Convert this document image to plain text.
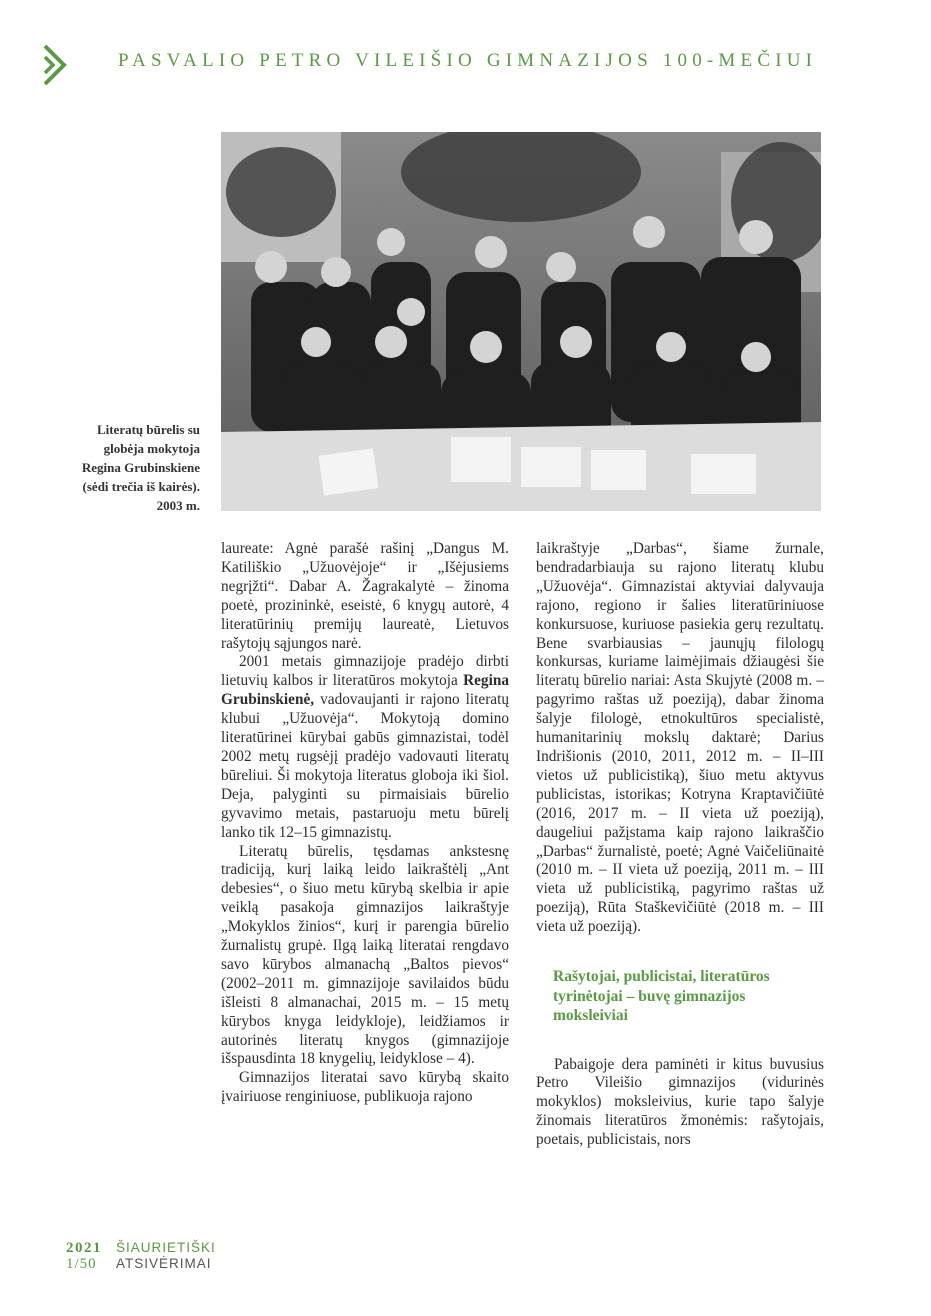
PASVALIO PETRO VILEIŠIO GIMNAZIJOS 100-MEČIUI
Literatų būrelis su
globėja mokytoja
Regina Grubinskiene
(sėdi trečia iš kairės).
2003 m.

laureate: Agnė parašė rašinį „Dangus M. Katiliškio „Užuovėjoje“ ir „Išėjusiems negrįžti“. Dabar A. Žagrakalytė – žinoma poetė, prozininkė, eseistė, 6 knygų autorė, 4 literatūrinių premijų laureatė, Lietuvos rašytojų sąjungos narė.

2001 metais gimnazijoje pradėjo dirbti lietuvių kalbos ir literatūros mokytoja Regina Grubinskienė, vadovaujanti ir rajono literatų klubui „Užuovėja“. Mokytoją domino literatūrinei kūrybai gabūs gimnazistai, todėl 2002 metų rugsėjį pradėjo vadovauti literatų būreliui. Ši mokytoja literatus globoja iki šiol. Deja, palyginti su pirmaisiais būrelio gyvavimo metais, pastaruoju metu būrelį lanko tik 12–15 gimnazistų.

Literatų būrelis, tęsdamas ankstesnę tradiciją, kurį laiką leido laikraštėlį „Ant debesies“, o šiuo metu kūrybą skelbia ir apie veiklą pasakoja gimnazijos laikraštyje „Mokyklos žinios“, kurį ir parengia būrelio žurnalistų grupė. Ilgą laiką literatai rengdavo savo kūrybos almanachą „Baltos pievos“ (2002–2011 m. gimnazijoje savilaidos būdu išleisti 8 almanachai, 2015 m. – 15 metų kūrybos knyga leidykloje), leidžiamos ir autorinės literatų knygos (gimnazijoje išspausdinta 18 knygelių, leidyklose – 4).

Gimnazijos literatai savo kūrybą skaito įvairiuose renginiuose, publikuoja rajono

laikraštyje „Darbas“, šiame žurnale, bendradarbiauja su rajono literatų klubu „Užuovėja“. Gimnazistai aktyviai dalyvauja rajono, regiono ir šalies literatūriniuose konkursuose, kuriuose pasiekia gerų rezultatų. Bene svarbiausias – jaunųjų filologų konkursas, kuriame laimėjimais džiaugėsi šie literatų būrelio nariai: Asta Skujytė (2008 m. – pagyrimo raštas už poeziją), dabar žinoma šalyje filologė, etnokultūros specialistė, humanitarinių mokslų daktarė; Darius Indrišionis (2010, 2011, 2012 m. – II–III vietos už publicistiką), šiuo metu aktyvus publicistas, istorikas; Kotryna Kraptavičiūtė (2016, 2017 m. – II vieta už poeziją), daugeliui pažįstama kaip rajono laikraščio „Darbas“ žurnalistė, poetė; Agnė Vaičeliūnaitė (2010 m. – II vieta už poeziją, 2011 m. – III vieta už publicistiką, pagyrimo raštas už poeziją), Rūta Staškevičiūtė (2018 m. – III vieta už poeziją).

Rašytojai, publicistai, literatūros tyrinėtojai – buvę gimnazijos moksleiviai

Pabaigoje dera paminėti ir kitus buvusius Petro Vileišio gimnazijos (vidurinės mokyklos) moksleivius, kurie tapo šalyje žinomais literatūros žmonėmis: rašytojais, poetais, publicistais, nors

2021
1/50
ŠIAURIETIŠKI
ATSIVĖRIMAI
